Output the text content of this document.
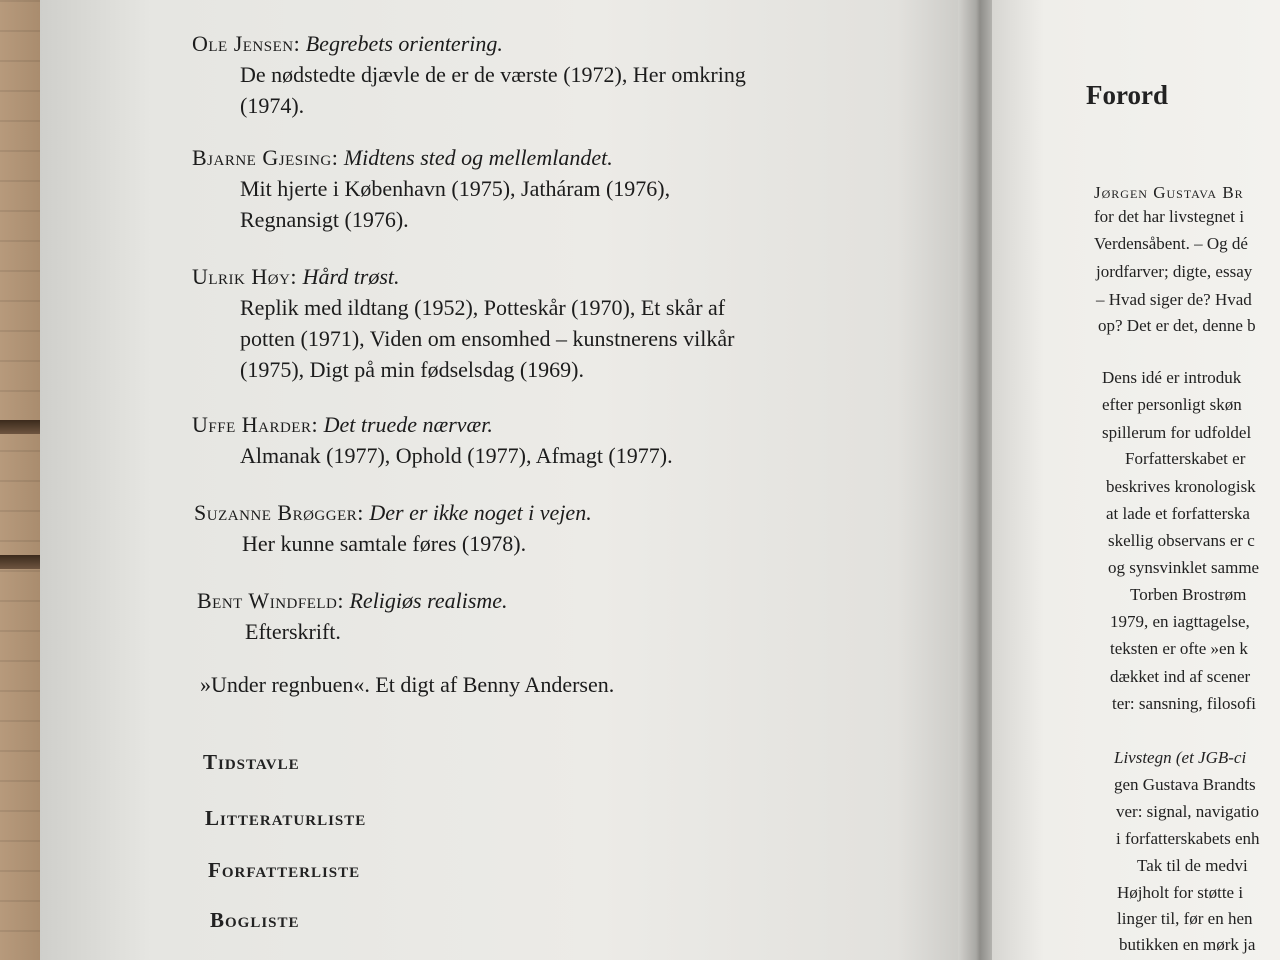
Ole Jensen: Begrebets orientering.
De nødstedte djævle de er de værste (1972), Her omkring
(1974).
Bjarne Gjesing: Midtens sted og mellemlandet.
Mit hjerte i København (1975), Jatháram (1976),
Regnansigt (1976).
Ulrik Høy: Hård trøst.
Replik med ildtang (1952), Potteskår (1970), Et skår af
potten (1971), Viden om ensomhed – kunstnerens vilkår
(1975), Digt på min fødselsdag (1969).
Uffe Harder: Det truede nærvær.
Almanak (1977), Ophold (1977), Afmagt (1977).
Suzanne Brøgger: Der er ikke noget i vejen.
Her kunne samtale føres (1978).
Bent Windfeld: Religiøs realisme.
Efterskrift.
»Under regnbuen«. Et digt af Benny Andersen.
Tidstavle
Litteraturliste
Forfatterliste
Bogliste
Forord
Jørgen Gustava Br
for det har livstegnet i
Verdensåbent. – Og dé
jordfarver; digte, essay
– Hvad siger de? Hvad
op? Det er det, denne b
Dens idé er introduk
efter personligt skøn
spillerum for udfoldel
Forfatterskabet er
beskrives kronologisk
at lade et forfatterska
skellig observans er c
og synsvinklet samme
Torben Brostrøm
1979, en iagttagelse,
teksten er ofte »en k
dækket ind af scener
ter: sansning, filosofi
Livstegn (et JGB-ci
gen Gustava Brandts
ver: signal, navigatio
i forfatterskabets enh
Tak til de medvi
Højholt for støtte i
linger til, før en hen
butikken en mørk ja
